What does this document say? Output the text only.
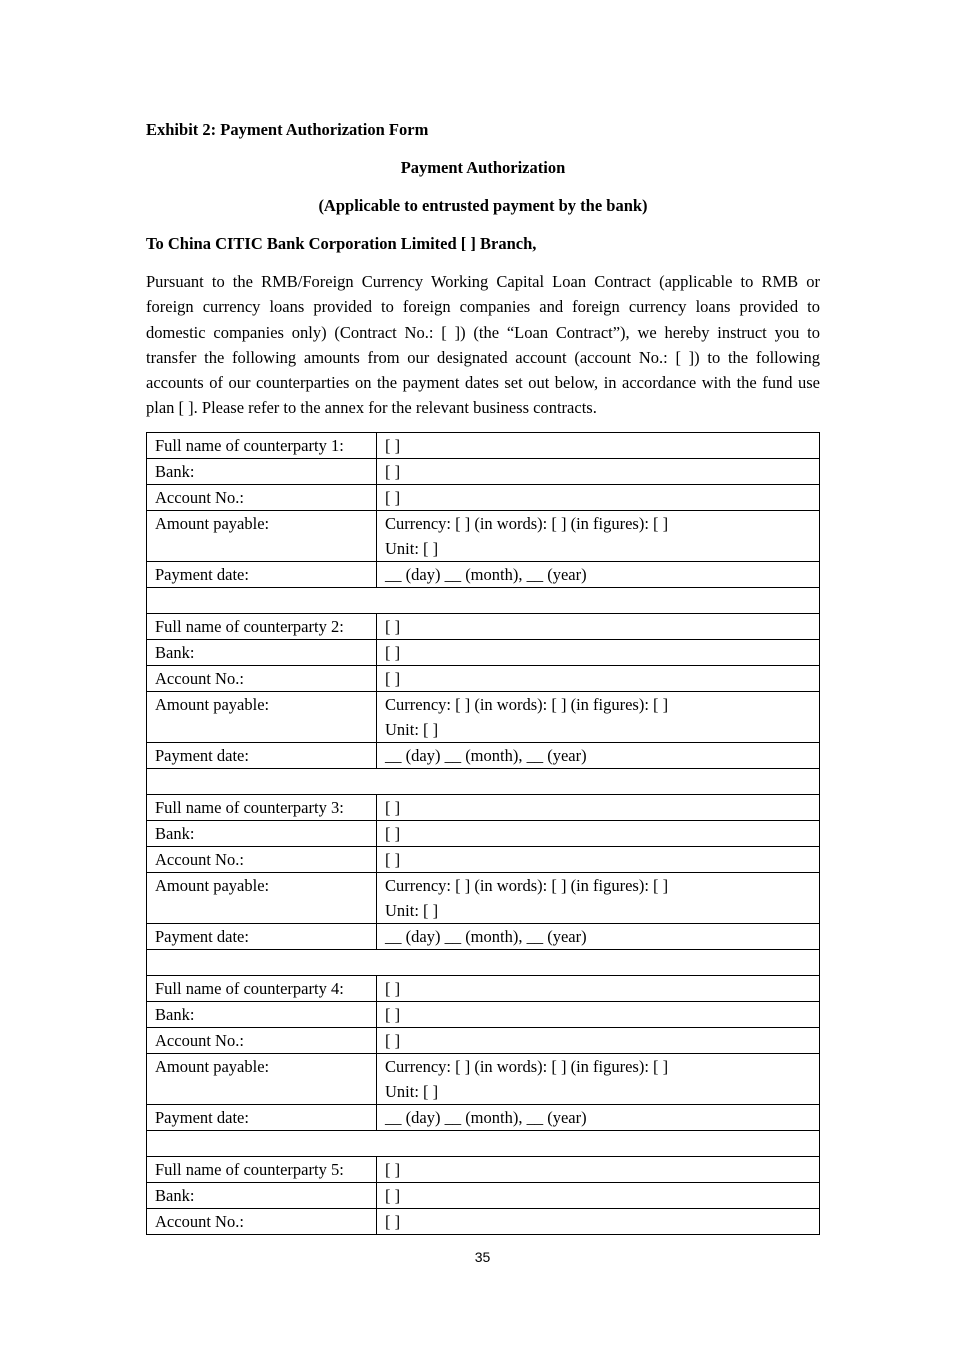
Exhibit 2: Payment Authorization Form

Payment Authorization

(Applicable to entrusted payment by the bank)

To China CITIC Bank Corporation Limited [ ] Branch,

Pursuant to the RMB/Foreign Currency Working Capital Loan Contract (applicable to RMB or foreign currency loans provided to foreign companies and foreign currency loans provided to domestic companies only) (Contract No.: [ ]) (the “Loan Contract”), we hereby instruct you to transfer the following amounts from our designated account (account No.: [ ]) to the following accounts of our counterparties on the payment dates set out below, in accordance with the fund use plan [ ]. Please refer to the annex for the relevant business contracts.

Full name of counterparty 1:	[ ]
Bank:	[ ]
Account No.:	[ ]
Amount payable:	Currency: [ ] (in words): [ ] (in figures): [ ]
Unit: [ ]

Payment date:	__ (day) __ (month), __ (year)

Full name of counterparty 2:	[ ]
Bank:	[ ]
Account No.:	[ ]
Amount payable:	Currency: [ ] (in words): [ ] (in figures): [ ]
Unit: [ ]

Payment date:	__ (day) __ (month), __ (year)

Full name of counterparty 3:	[ ]
Bank:	[ ]
Account No.:	[ ]
Amount payable:	Currency: [ ] (in words): [ ] (in figures): [ ]
Unit: [ ]

Payment date:	__ (day) __ (month), __ (year)

Full name of counterparty 4:	[ ]
Bank:	[ ]
Account No.:	[ ]
Amount payable:	Currency: [ ] (in words): [ ] (in figures): [ ]
Unit: [ ]

Payment date:	__ (day) __ (month), __ (year)

Full name of counterparty 5:	[ ]
Bank:	[ ]
Account No.:	[ ]
35
